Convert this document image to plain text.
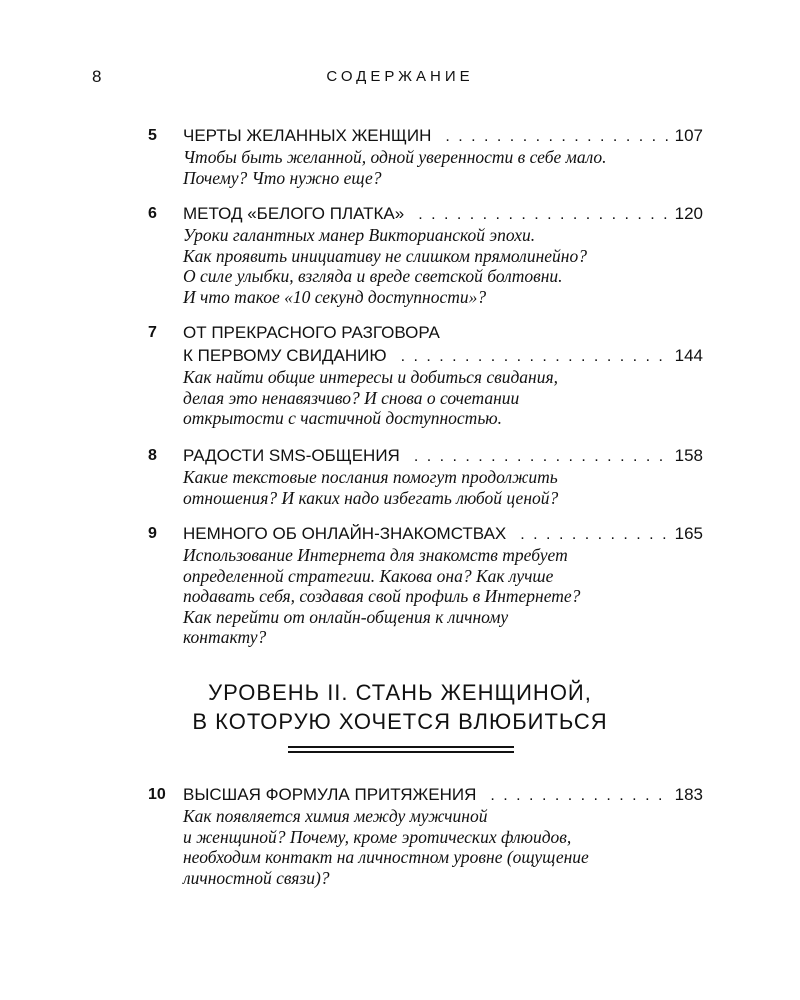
8	СОДЕРЖАНИЕ
5 ЧЕРТЫ ЖЕЛАННЫХ ЖЕНЩИН . . .	107
Чтобы быть желанной, одной уверенности в себе мало.
Почему? Что нужно еще?
6 МЕТОД «БЕЛОГО ПЛАТКА» . . .	120
Уроки галантных манер Викторианской эпохи.
Как проявить инициативу не слишком прямолинейно?
О силе улыбки, взгляда и вреде светской болтовни.
И что такое «10 секунд доступности»?
7 ОТ ПРЕКРАСНОГО РАЗГОВОРА
К ПЕРВОМУ СВИДАНИЮ . . .	144
Как найти общие интересы и добиться свидания,
делая это ненавязчиво? И снова о сочетании
открытости с частичной доступностью.
8 РАДОСТИ SMS-ОБЩЕНИЯ . . .	158
Какие текстовые послания помогут продолжить
отношения? И каких надо избегать любой ценой?
9 НЕМНОГО ОБ ОНЛАЙН-ЗНАКОМСТВАХ . . .	165
Использование Интернета для знакомств требует
определенной стратегии. Какова она? Как лучше
подавать себя, создавая свой профиль в Интернете?
Как перейти от онлайн-общения к личному
контакту?
УРОВЕНЬ II. СТАНЬ ЖЕНЩИНОЙ,
В КОТОРУЮ ХОЧЕТСЯ ВЛЮБИТЬСЯ
10 ВЫСШАЯ ФОРМУЛА ПРИТЯЖЕНИЯ . . .	183
Как появляется химия между мужчиной
и женщиной? Почему, кроме эротических флюидов,
необходим контакт на личностном уровне (ощущение
личностной связи)?
